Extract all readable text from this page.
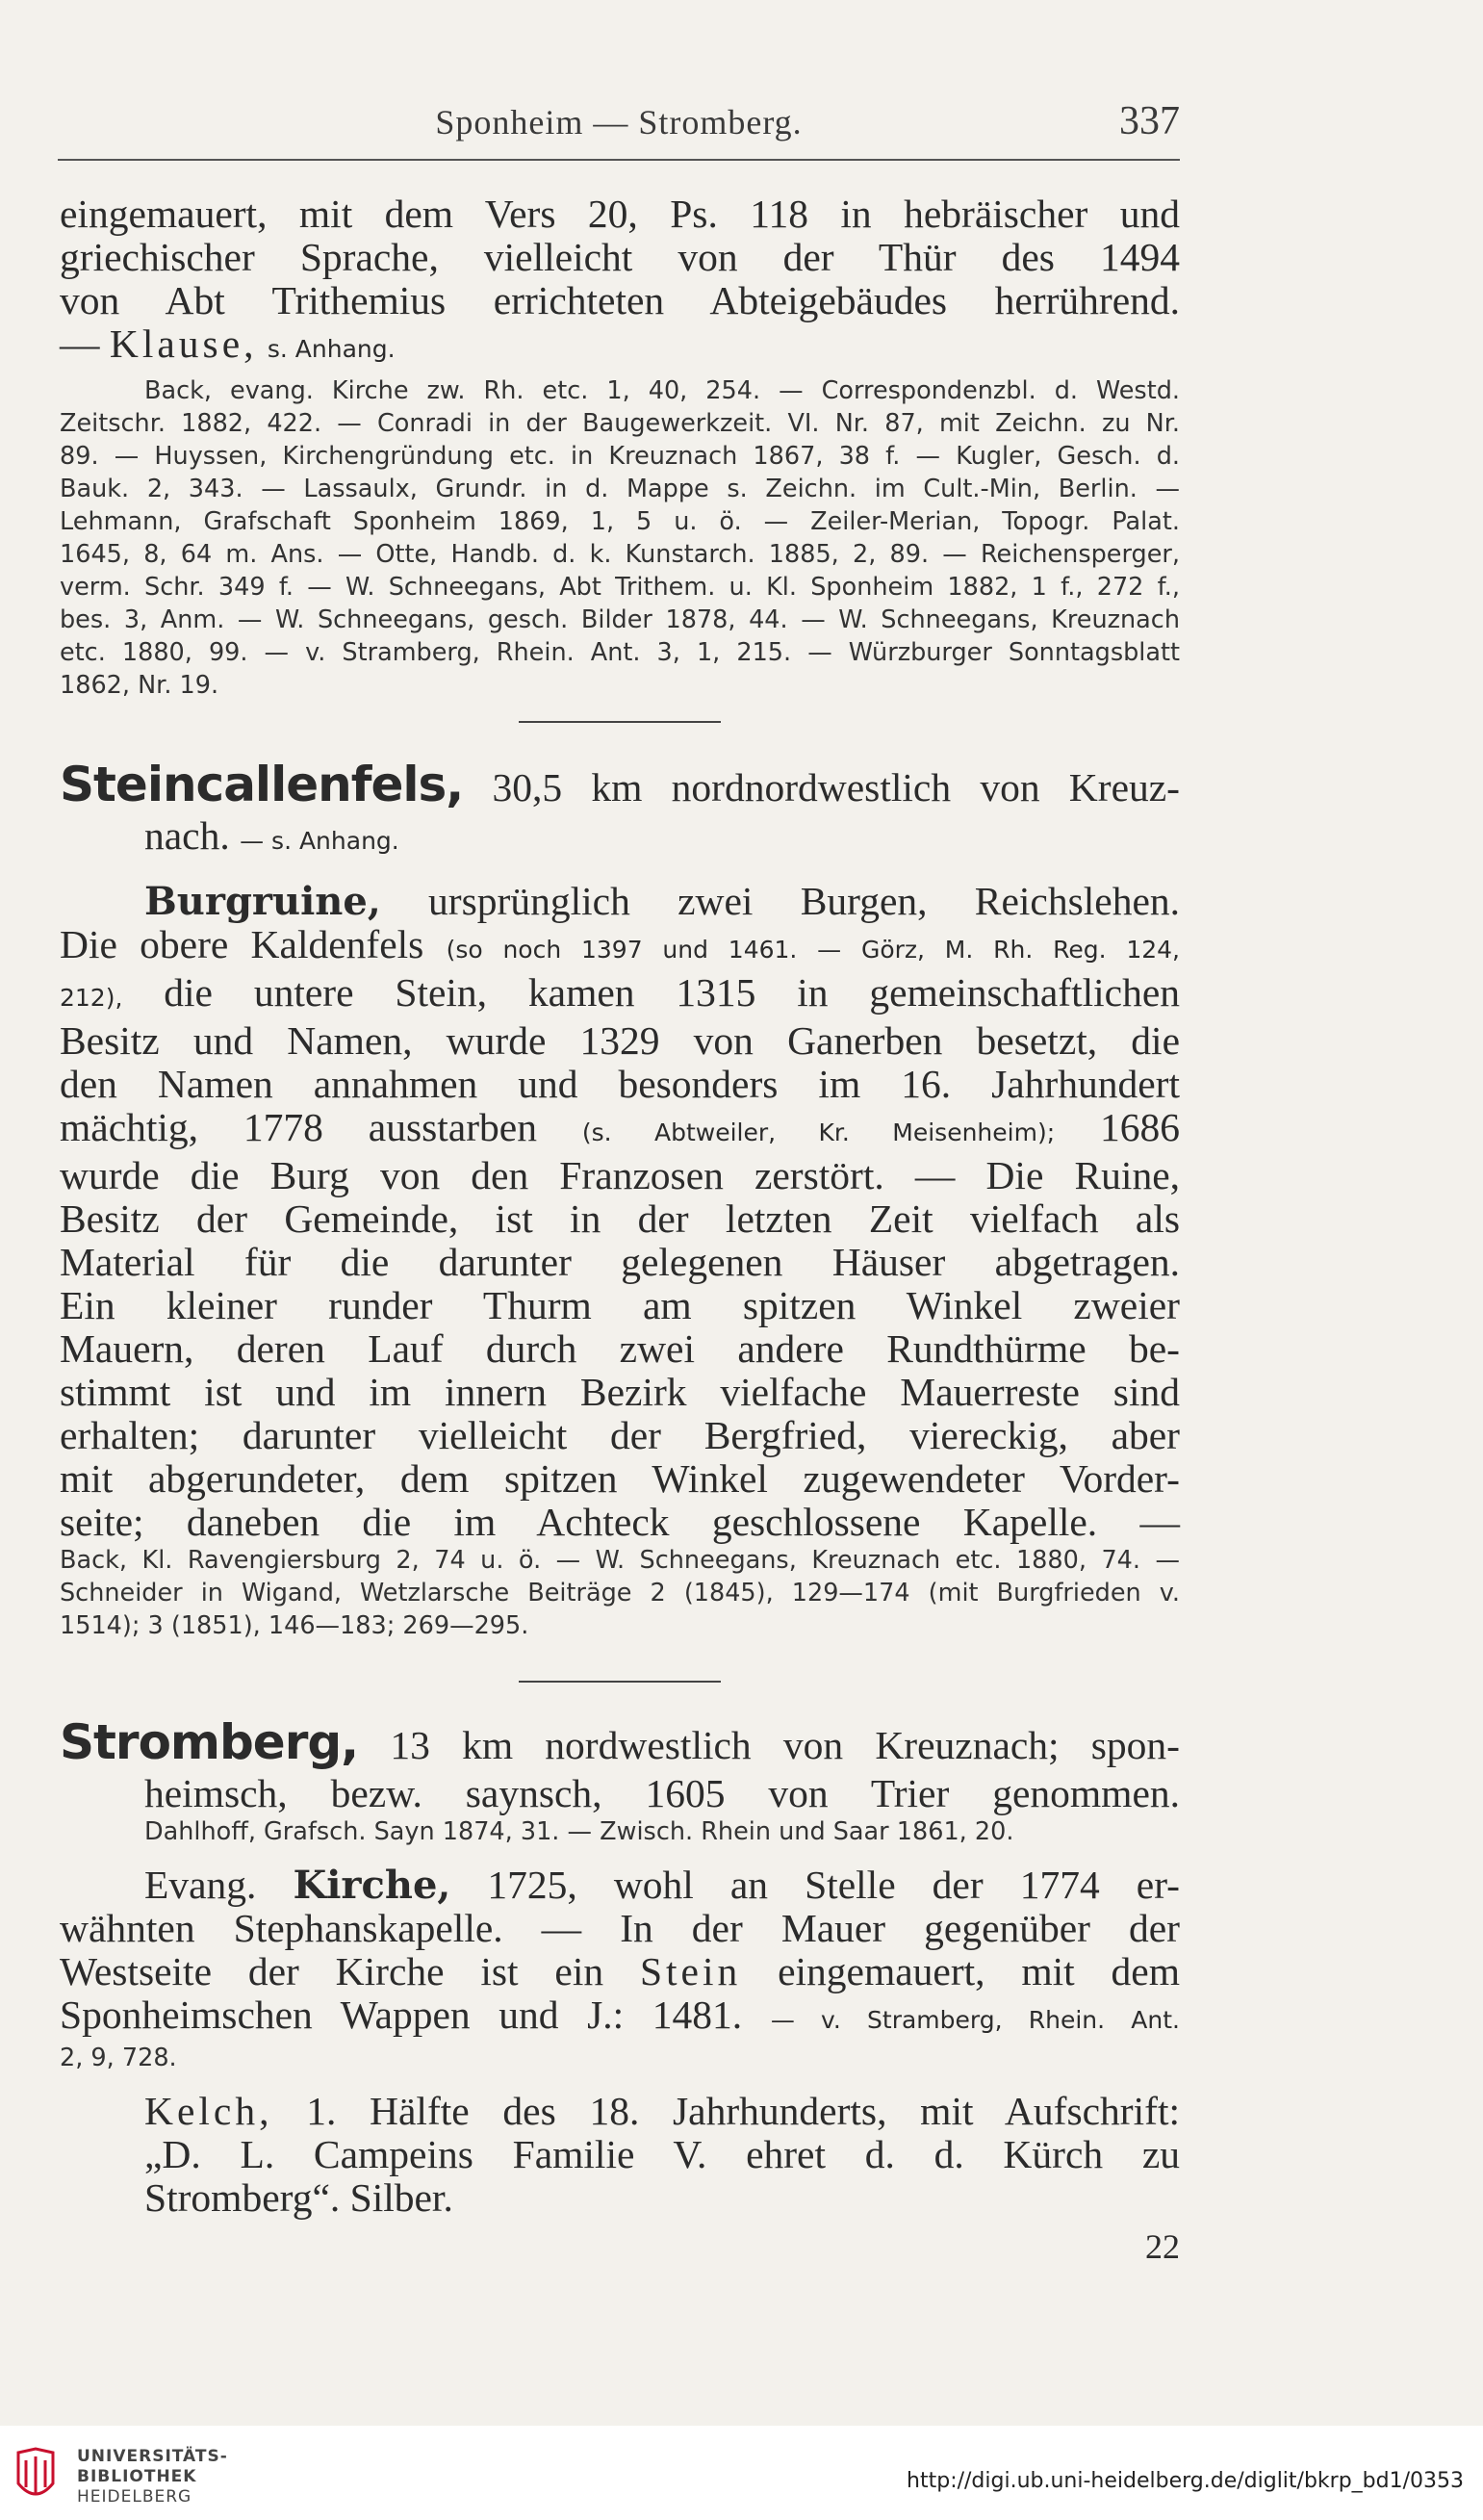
Sponheim — Stromberg.	337
eingemauert, mit dem Vers 20, Ps. 118 in hebräischer und
griechischer Sprache, vielleicht von der Thür des 1494
von Abt Trithemius errichteten Abteigebäudes herrührend.
— Klause, s. Anhang.
Back, evang. Kirche zw. Rh. etc. 1, 40, 254. — Correspondenzbl. d. Westd.
Zeitschr. 1882, 422. — Conradi in der Baugewerkzeit. VI. Nr. 87, mit Zeichn. zu Nr.
89. — Huyssen, Kirchengründung etc. in Kreuznach 1867, 38 f. — Kugler, Gesch. d.
Bauk. 2, 343. — Lassaulx, Grundr. in d. Mappe s. Zeichn. im Cult.-Min, Berlin. —
Lehmann, Grafschaft Sponheim 1869, 1, 5 u. ö. — Zeiler-Merian, Topogr. Palat.
1645, 8, 64 m. Ans. — Otte, Handb. d. k. Kunstarch. 1885, 2, 89. — Reichensperger,
verm. Schr. 349 f. — W. Schneegans, Abt Trithem. u. Kl. Sponheim 1882, 1 f., 272 f.,
bes. 3, Anm. — W. Schneegans, gesch. Bilder 1878, 44. — W. Schneegans, Kreuznach
etc. 1880, 99. — v. Stramberg, Rhein. Ant. 3, 1, 215. — Würzburger Sonntagsblatt
1862, Nr. 19.
Steincallenfels, 30,5 km nordnordwestlich von Kreuz-
nach. — s. Anhang.
Burgruine, ursprünglich zwei Burgen, Reichslehen.
Die obere Kaldenfels (so noch 1397 und 1461. — Görz, M. Rh. Reg. 124,
212), die untere Stein, kamen 1315 in gemeinschaftlichen
Besitz und Namen, wurde 1329 von Ganerben besetzt, die
den Namen annahmen und besonders im 16. Jahrhundert
mächtig, 1778 ausstarben (s. Abtweiler, Kr. Meisenheim); 1686
wurde die Burg von den Franzosen zerstört. — Die Ruine,
Besitz der Gemeinde, ist in der letzten Zeit vielfach als
Material für die darunter gelegenen Häuser abgetragen.
Ein kleiner runder Thurm am spitzen Winkel zweier
Mauern, deren Lauf durch zwei andere Rundthürme be-
stimmt ist und im innern Bezirk vielfache Mauerreste sind
erhalten; darunter vielleicht der Bergfried, viereckig, aber
mit abgerundeter, dem spitzen Winkel zugewendeter Vorder-
seite; daneben die im Achteck geschlossene Kapelle. —
Back, Kl. Ravengiersburg 2, 74 u. ö. — W. Schneegans, Kreuznach etc. 1880, 74. —
Schneider in Wigand, Wetzlarsche Beiträge 2 (1845), 129—174 (mit Burgfrieden v.
1514); 3 (1851), 146—183; 269—295.
Stromberg, 13 km nordwestlich von Kreuznach; spon-
heimsch, bezw. saynsch, 1605 von Trier genommen.
Dahlhoff, Grafsch. Sayn 1874, 31. — Zwisch. Rhein und Saar 1861, 20.
Evang. Kirche, 1725, wohl an Stelle der 1774 er-
wähnten Stephanskapelle. — In der Mauer gegenüber der
Westseite der Kirche ist ein Stein eingemauert, mit dem
Sponheimschen Wappen und J.: 1481. — v. Stramberg, Rhein. Ant.
2, 9, 728.
Kelch, 1. Hälfte des 18. Jahrhunderts, mit Aufschrift:
„D. L. Campeins Familie V. ehret d. d. Kürch zu
Stromberg“. Silber.
22
UNIVERSITÄTS-
BIBLIOTHEK
HEIDELBERG
http://digi.ub.uni-heidelberg.de/diglit/bkrp_bd1/0353
